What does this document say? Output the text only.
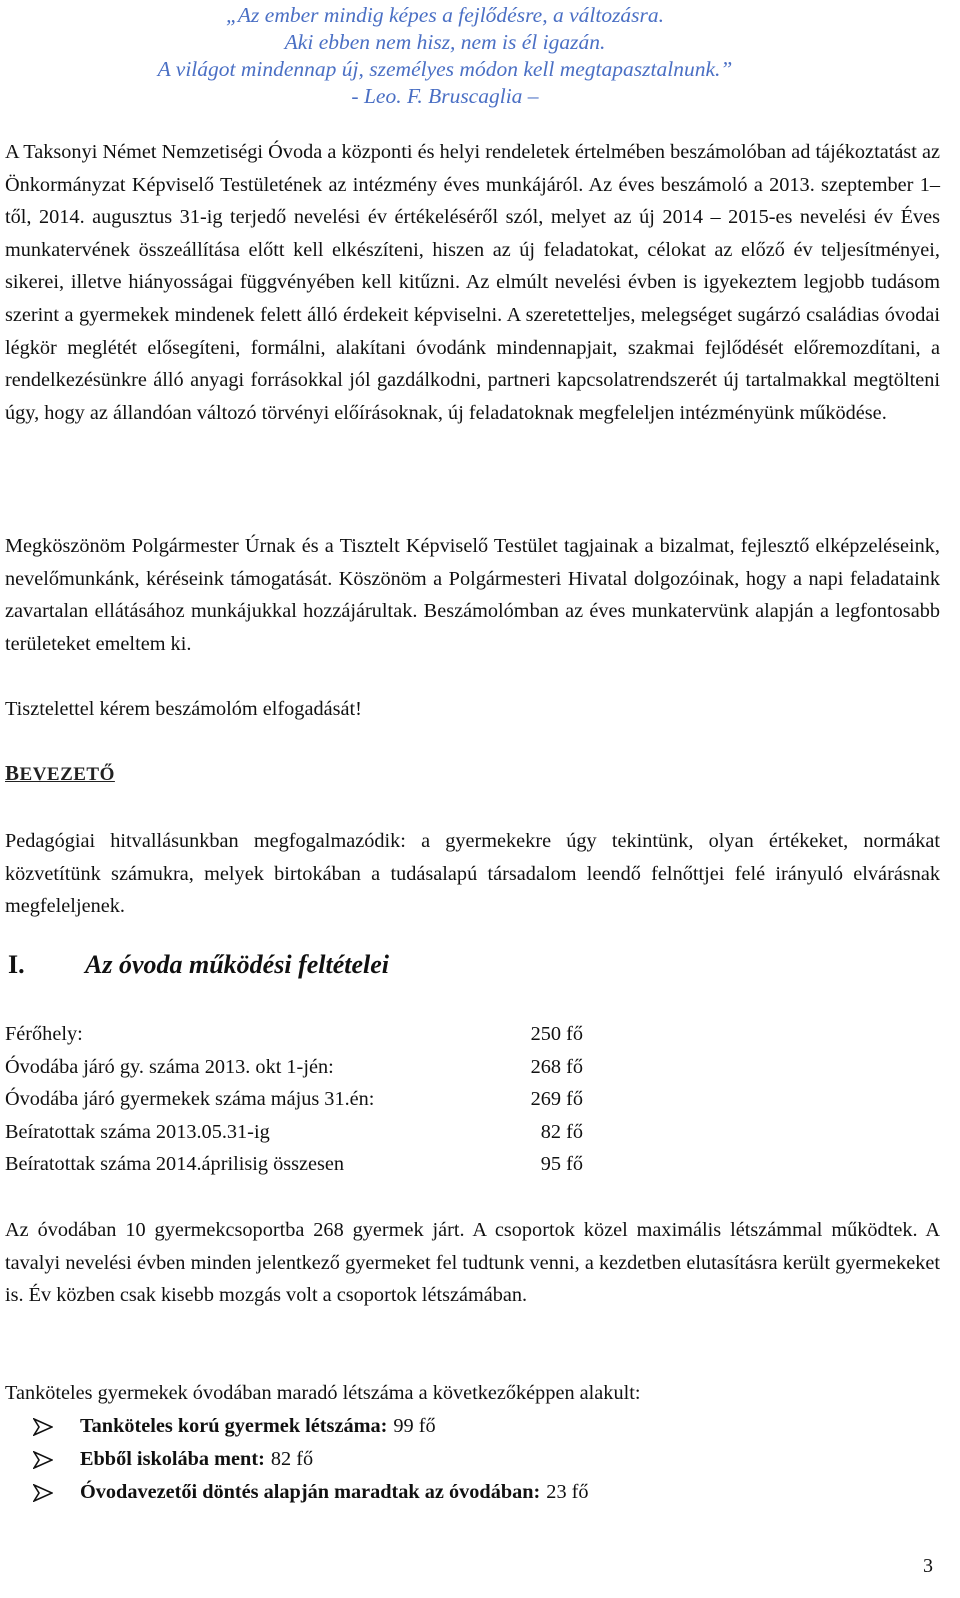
„Az ember mindig képes a fejlődésre, a változásra.
Aki ebben nem hisz, nem is él igazán.
A világot mindennap új, személyes módon kell megtapasztalnunk.”
- Leo. F. Bruscaglia –

A Taksonyi Német Nemzetiségi Óvoda a központi és helyi rendeletek értelmében beszámolóban ad tájékoztatást az Önkormányzat Képviselő Testületének az intézmény éves munkájáról. Az éves beszámoló a 2013. szeptember 1–től, 2014. augusztus 31-ig terjedő nevelési év értékeléséről szól, melyet az új 2014 – 2015-es nevelési év Éves munkatervének összeállítása előtt kell elkészíteni, hiszen az új feladatokat, célokat az előző év teljesítményei, sikerei, illetve hiányosságai függvényében kell kitűzni. Az elmúlt nevelési évben is igyekeztem legjobb tudásom szerint a gyermekek mindenek felett álló érdekeit képviselni. A szeretetteljes, melegséget sugárzó családias óvodai légkör meglétét elősegíteni, formálni, alakítani óvodánk mindennapjait, szakmai fejlődését előremozdítani, a rendelkezésünkre álló anyagi forrásokkal jól gazdálkodni, partneri kapcsolatrendszerét új tartalmakkal megtölteni úgy, hogy az állandóan változó törvényi előírásoknak, új feladatoknak megfeleljen intézményünk működése.

Megköszönöm Polgármester Úrnak és a Tisztelt Képviselő Testület tagjainak a bizalmat, fejlesztő elképzeléseink, nevelőmunkánk, kéréseink támogatását. Köszönöm a Polgármesteri Hivatal dolgozóinak, hogy a napi feladataink zavartalan ellátásához munkájukkal hozzájárultak. Beszámolómban az éves munkatervünk alapján a legfontosabb területeket emeltem ki.

Tisztelettel kérem beszámolóm elfogadását!

BEVEZETŐ

Pedagógiai hitvallásunkban megfogalmazódik: a gyermekekre úgy tekintünk, olyan értékeket, normákat közvetítünk számukra, melyek birtokában a tudásalapú társadalom leendő felnőttjei felé irányuló elvárásnak megfeleljenek.

I. Az óvoda működési feltételei
Férőhely:	250 fő
Óvodába járó gy. száma 2013. okt 1-jén:	268 fő
Óvodába járó gyermekek száma május 31.én:	269 fő
Beíratottak száma 2013.05.31-ig	82 fő
Beíratottak száma 2014.áprilisig összesen	95 fő

Az óvodában 10 gyermekcsoportba 268 gyermek járt. A csoportok közel maximális létszámmal működtek. A tavalyi nevelési évben minden jelentkező gyermeket fel tudtunk venni, a kezdetben elutasításra került gyermekeket is. Év közben csak kisebb mozgás volt a csoportok létszámában.

Tanköteles gyermekek óvodában maradó létszáma a következőképpen alakult:

Tanköteles korú gyermek létszáma: 99 fő
Ebből iskolába ment: 82 fő
Óvodavezetői döntés alapján maradtak az óvodában: 23 fő
3
